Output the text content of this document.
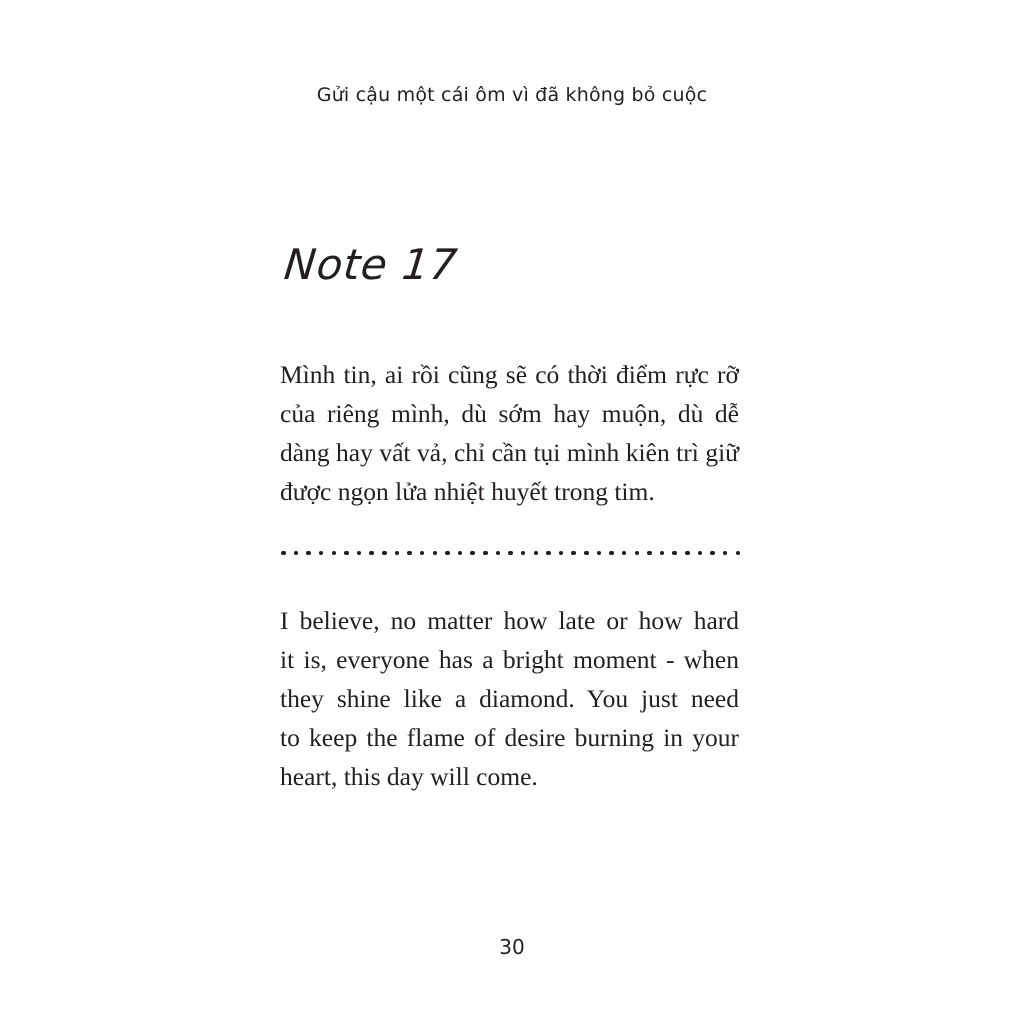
Gửi cậu một cái ôm vì đã không bỏ cuộc
Note 17
Mình tin, ai rồi cũng sẽ có thời điểm rực rỡ
của riêng mình, dù sớm hay muộn, dù dễ
dàng hay vất vả, chỉ cần tụi mình kiên trì giữ
được ngọn lửa nhiệt huyết trong tim.
I believe, no matter how late or how hard
it is, everyone has a bright moment - when
they shine like a diamond. You just need
to keep the flame of desire burning in your
heart, this day will come.
30
